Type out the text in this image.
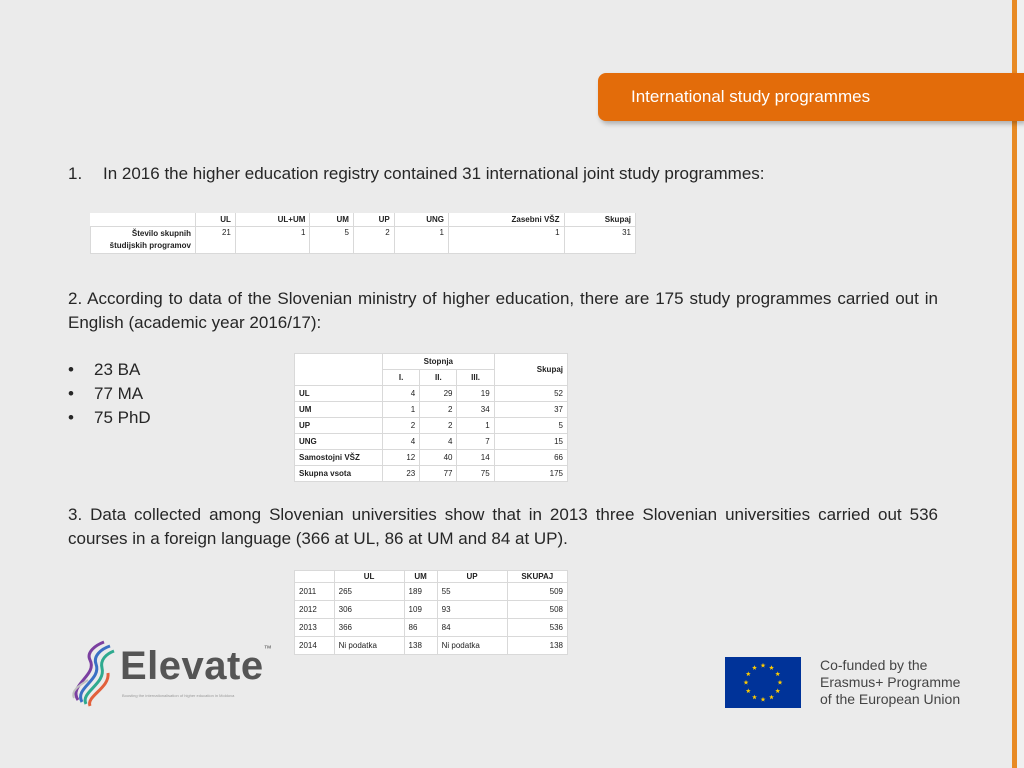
International study programmes
1. In 2016 the higher education registry contained 31 international joint study programmes:
	UL	UL+UM	UM	UP	UNG	Zasebni VŠZ	Skupaj

Število skupnih
študijskih programov	21	1	5	2	1	1	31
2. According to data of the Slovenian ministry of higher education, there are 175 study programmes carried out in English (academic year 2016/17):
• 23 BA
• 77 MA
• 75 PhD
	Stopnja			Skupaj
	I.	II.	III.	
UL	4	29	19	52
UM	1	2	34	37
UP	2	2	1	5
UNG	4	4	7	15
Samostojni VŠZ	12	40	14	66
Skupna vsota	23	77	75	175
3. Data collected among Slovenian universities show that in 2013 three Slovenian universities carried out 536 courses in a foreign language (366 at UL, 86 at UM and 84 at UP).
	UL	UM	UP	SKUPAJ
2011	265	189	55	509
2012	306	109	93	508
2013	366	86	84	536
2014	Ni podatka	138	Ni podatka	138
Elevate™
Boosting the internationalisation of higher education in Moldova
Co-funded by the
Erasmus+ Programme
of the European Union
